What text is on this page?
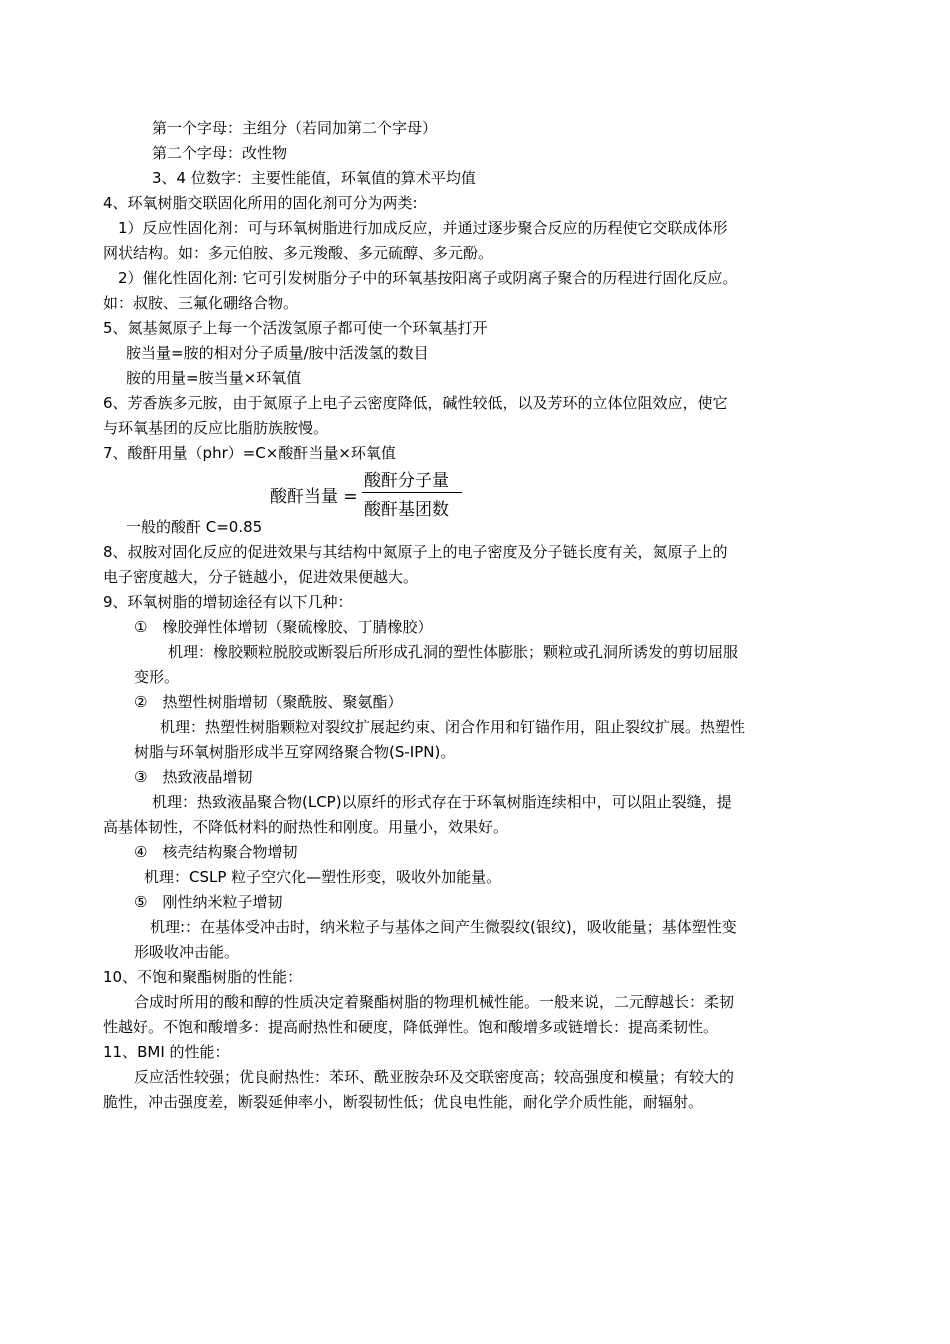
第一个字母：主组分（若同加第二个字母）
第二个字母：改性物
3、4 位数字：主要性能值，环氧值的算术平均值
4、环氧树脂交联固化所用的固化剂可分为两类:
1）反应性固化剂：可与环氧树脂进行加成反应，并通过逐步聚合反应的历程使它交联成体形
网状结构。如：多元伯胺、多元羧酸、多元硫醇、多元酚。
2）催化性固化剂: 它可引发树脂分子中的环氧基按阳离子或阴离子聚合的历程进行固化反应。
如：叔胺、三氟化硼络合物。
5、氮基氮原子上每一个活泼氢原子都可使一个环氧基打开
胺当量=胺的相对分子质量/胺中活泼氢的数目
胺的用量=胺当量×环氧值
6、芳香族多元胺，由于氮原子上电子云密度降低，碱性较低，以及芳环的立体位阻效应，使它
与环氧基团的反应比脂肪族胺慢。
7、酸酐用量（phr）=C×酸酐当量×环氧值
酸酐当量 =
酸酐分子量
酸酐基团数
一般的酸酐 C=0.85
8、叔胺对固化反应的促进效果与其结构中氮原子上的电子密度及分子链长度有关，氮原子上的
电子密度越大，分子链越小，促进效果便越大。
9、环氧树脂的增韧途径有以下几种：
①　橡胶弹性体增韧（聚硫橡胶、丁腈橡胶）
机理：橡胶颗粒脱胶或断裂后所形成孔洞的塑性体膨胀；颗粒或孔洞所诱发的剪切屈服
变形。
②　热塑性树脂增韧（聚酰胺、聚氨酯）
机理：热塑性树脂颗粒对裂纹扩展起约束、闭合作用和钉锚作用，阻止裂纹扩展。热塑性
树脂与环氧树脂形成半互穿网络聚合物(S-IPN)。
③　热致液晶增韧
机理：热致液晶聚合物(LCP)以原纤的形式存在于环氧树脂连续相中，可以阻止裂缝，提
高基体韧性，不降低材料的耐热性和刚度。用量小，效果好。
④　核壳结构聚合物增韧
机理：CSLP 粒子空穴化—塑性形变，吸收外加能量。
⑤　刚性纳米粒子增韧
机理:：在基体受冲击时，纳米粒子与基体之间产生微裂纹(银纹)，吸收能量；基体塑性变
形吸收冲击能。
10、不饱和聚酯树脂的性能：
合成时所用的酸和醇的性质决定着聚酯树脂的物理机械性能。一般来说，二元醇越长：柔韧
性越好。不饱和酸增多：提高耐热性和硬度，降低弹性。饱和酸增多或链增长：提高柔韧性。
11、BMI 的性能：
反应活性较强；优良耐热性：苯环、酰亚胺杂环及交联密度高；较高强度和模量；有较大的
脆性，冲击强度差，断裂延伸率小，断裂韧性低；优良电性能，耐化学介质性能，耐辐射。
